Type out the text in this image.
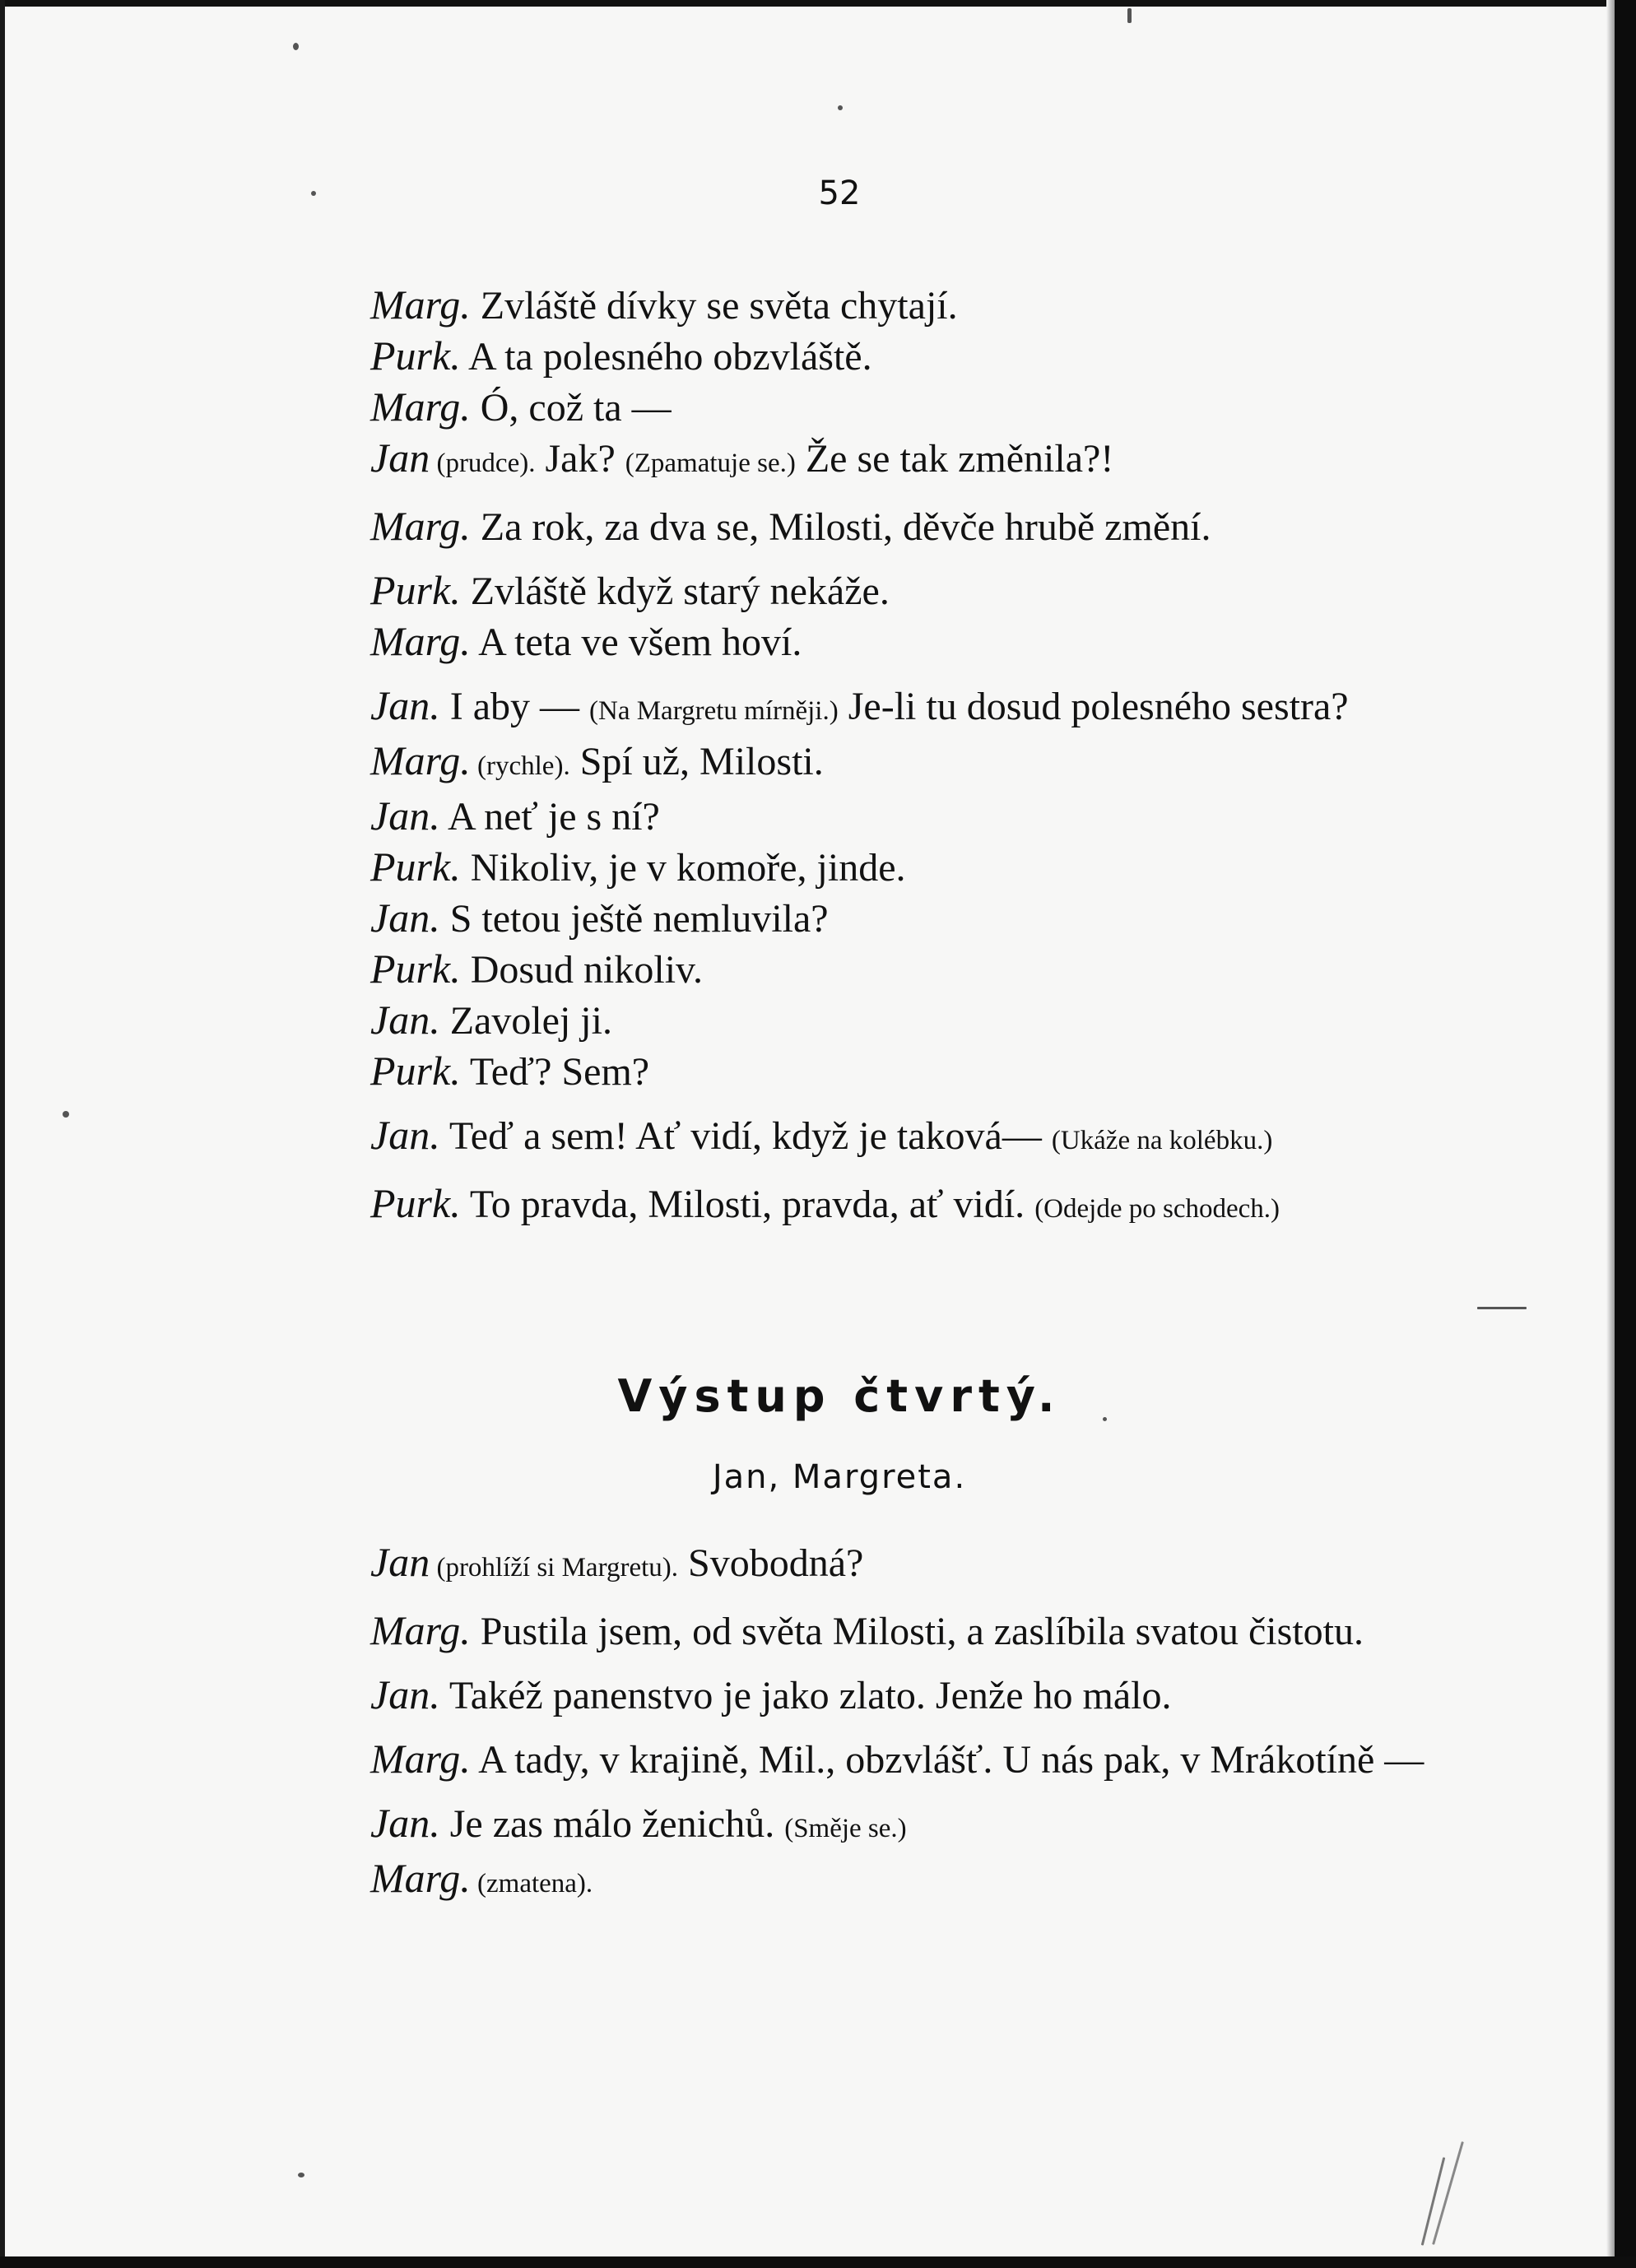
52

Marg. Zvláště dívky se světa chytají.

Purk. A ta polesného obzvláště.

Marg. Ó, což ta —

Jan (prudce). Jak? (Zpamatuje se.) Že se tak změnila?!

Marg. Za rok, za dva se, Milosti, děvče hrubě změní.

Purk. Zvláště když starý nekáže.

Marg. A teta ve všem hoví.

Jan. I aby — (Na Margretu mírněji.) Je-li tu dosud polesného sestra?

Marg. (rychle). Spí už, Milosti.

Jan. A neť je s ní?

Purk. Nikoliv, je v komoře, jinde.

Jan. S tetou ještě nemluvila?

Purk. Dosud nikoliv.

Jan. Zavolej ji.

Purk. Teď? Sem?

Jan. Teď a sem! Ať vidí, když je taková— (Ukáže na kolébku.)

Purk. To pravda, Milosti, pravda, ať vidí. (Odejde po schodech.)

Výstup čtvrtý.
Jan, Margreta.

Jan (prohlíží si Margretu). Svobodná?

Marg. Pustila jsem, od světa Milosti, a zaslíbila svatou čistotu.

Jan. Takéž panenstvo je jako zlato. Jenže ho málo.

Marg. A tady, v krajině, Mil., obzvlášť. U nás pak, v Mrákotíně —

Jan. Je zas málo ženichů. (Směje se.)

Marg. (zmatena).
